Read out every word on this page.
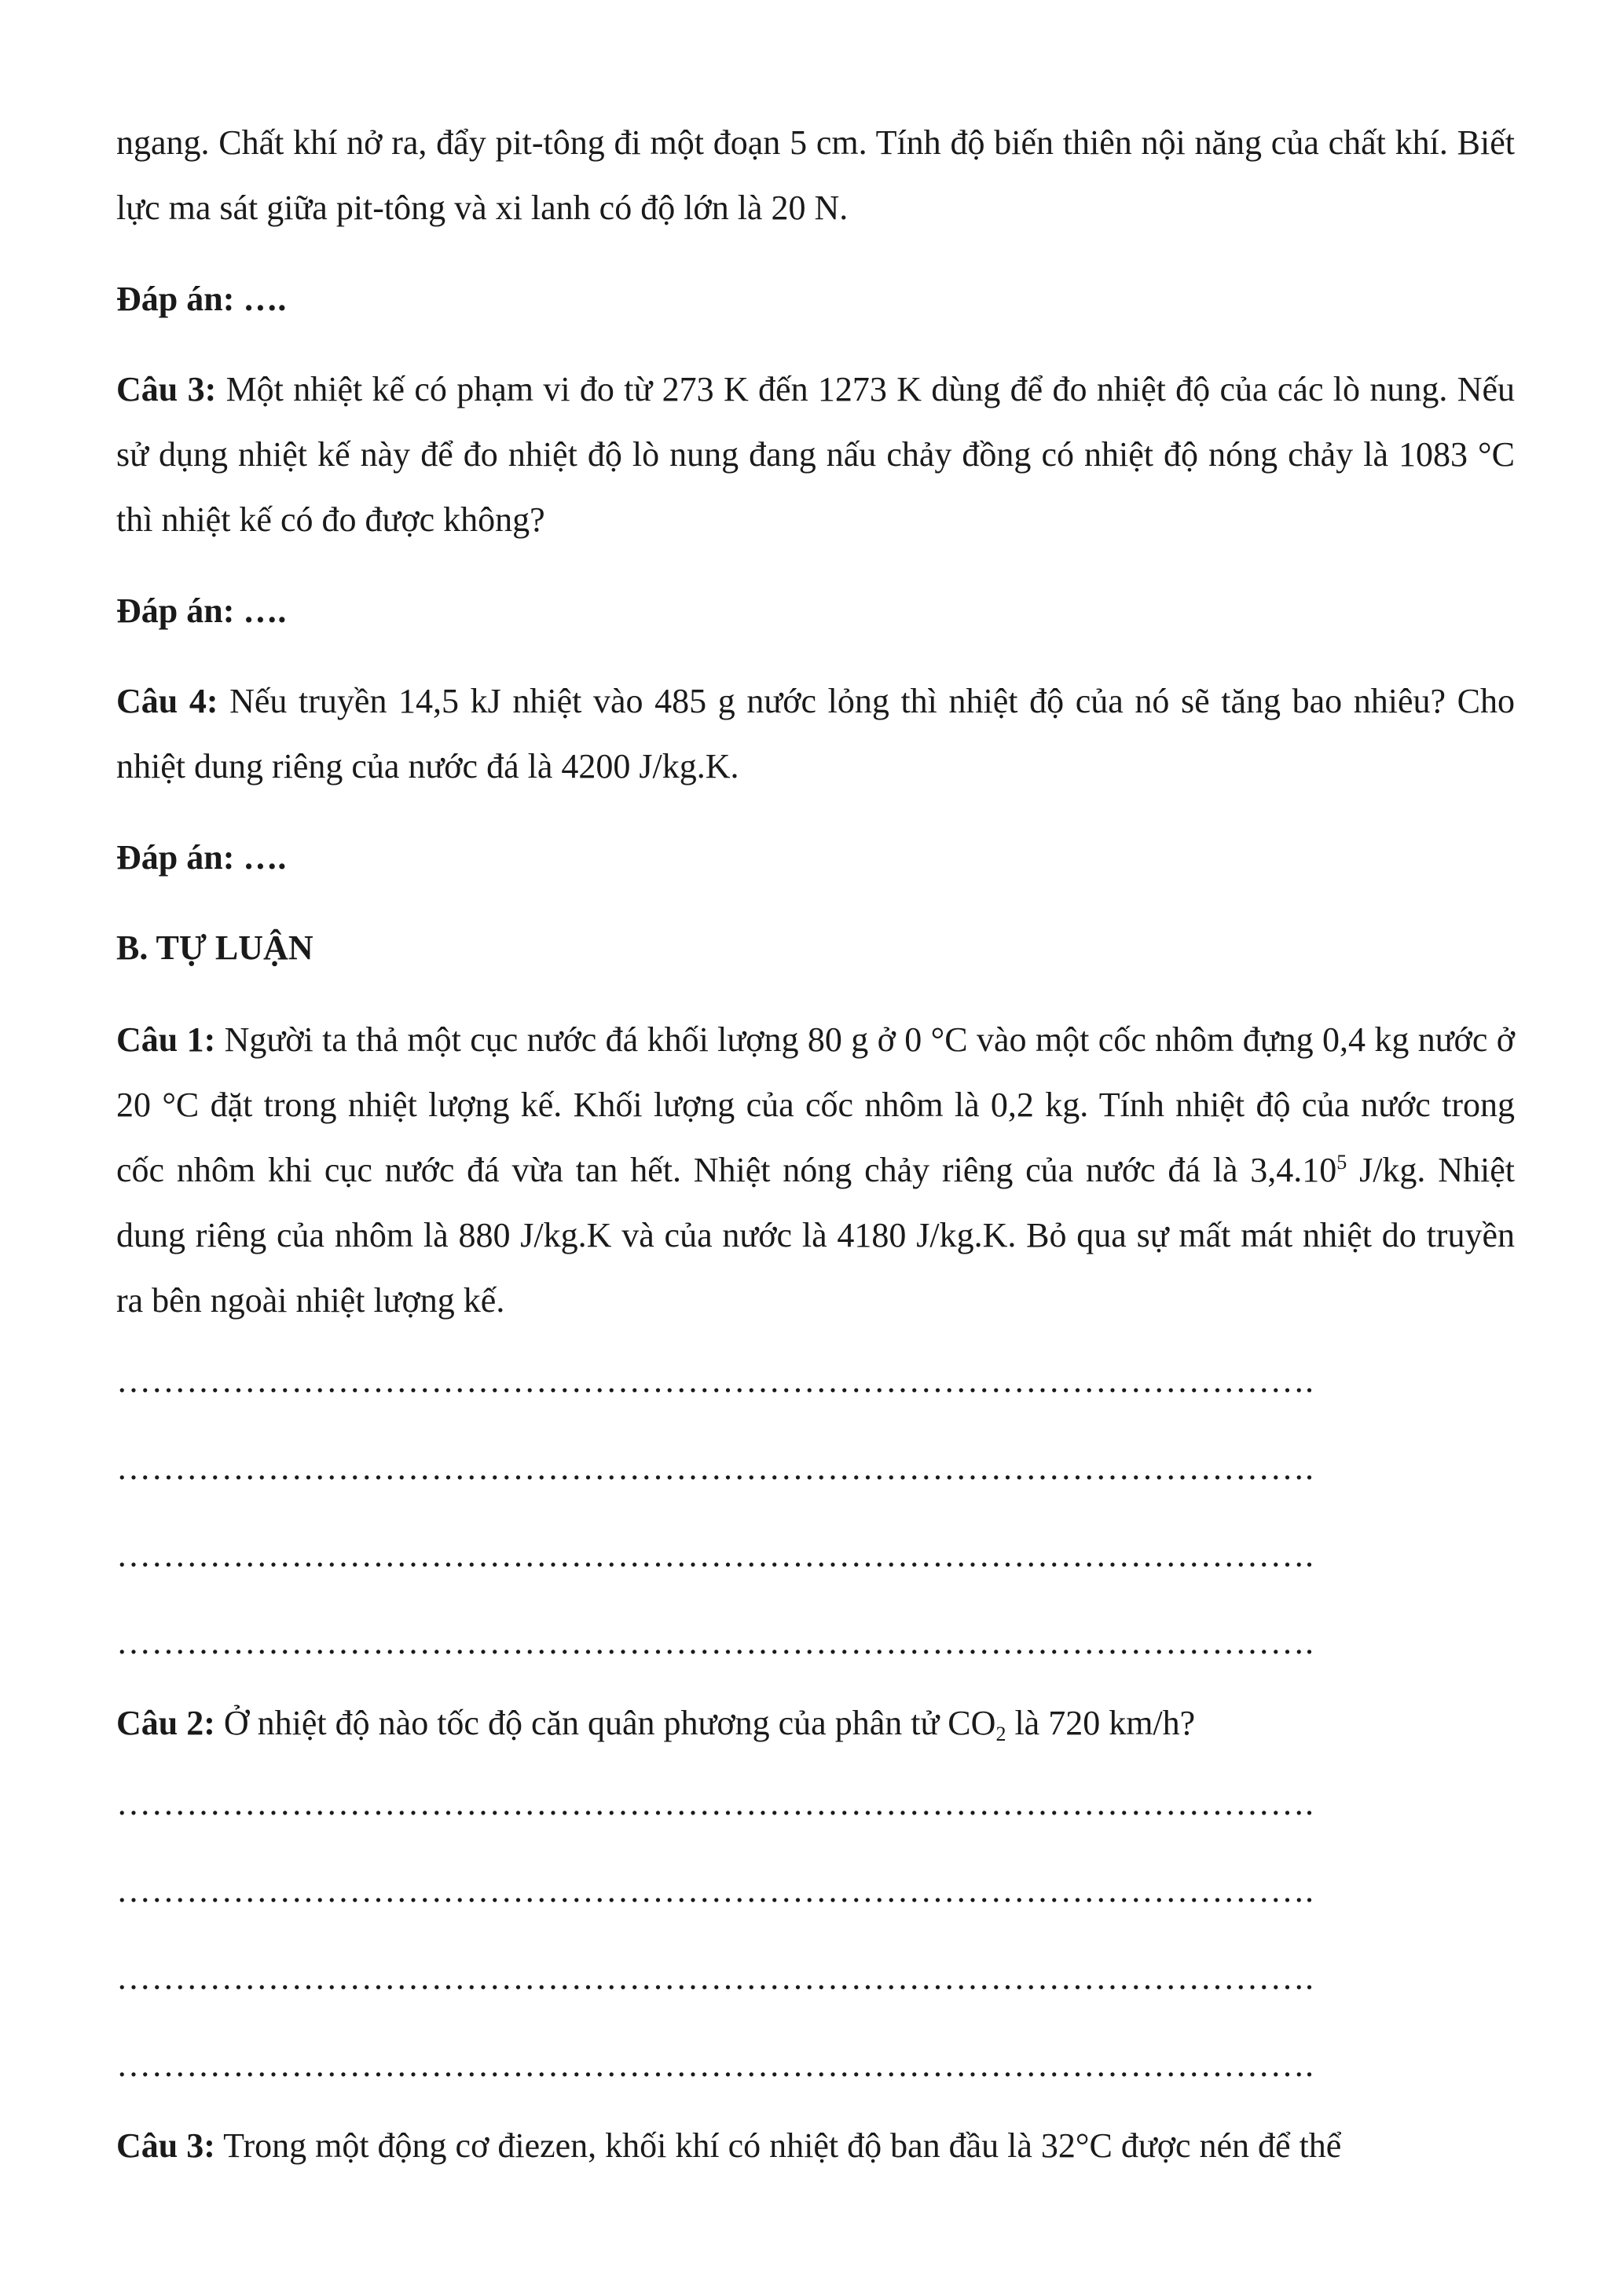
ngang. Chất khí nở ra, đẩy pit-tông đi một đoạn 5 cm. Tính độ biến thiên nội năng của chất khí. Biết lực ma sát giữa pit-tông và xi lanh có độ lớn là 20 N.

Đáp án: ….

Câu 3: Một nhiệt kế có phạm vi đo từ 273 K đến 1273 K dùng để đo nhiệt độ của các lò nung. Nếu sử dụng nhiệt kế này để đo nhiệt độ lò nung đang nấu chảy đồng có nhiệt độ nóng chảy là 1083 °C thì nhiệt kế có đo được không?

Đáp án: ….

Câu 4: Nếu truyền 14,5 kJ nhiệt vào 485 g nước lỏng thì nhiệt độ của nó sẽ tăng bao nhiêu? Cho nhiệt dung riêng của nước đá là 4200 J/kg.K.

Đáp án: ….

B. TỰ LUẬN

Câu 1: Người ta thả một cục nước đá khối lượng 80 g ở 0 °C vào một cốc nhôm đựng 0,4 kg nước ở 20 °C đặt trong nhiệt lượng kế. Khối lượng của cốc nhôm là 0,2 kg. Tính nhiệt độ của nước trong cốc nhôm khi cục nước đá vừa tan hết. Nhiệt nóng chảy riêng của nước đá là 3,4.10$^5$ J/kg. Nhiệt dung riêng của nhôm là 880 J/kg.K và của nước là 4180 J/kg.K. Bỏ qua sự mất mát nhiệt do truyền ra bên ngoài nhiệt lượng kế.

………………………………………………………………………………………….
………………………………………………………………………………………….
………………………………………………………………………………………….
………………………………………………………………………………………….

Câu 2: Ở nhiệt độ nào tốc độ căn quân phương của phân tử $CO_2$ là 720 km/h?

………………………………………………………………………………………….
………………………………………………………………………………………….
………………………………………………………………………………………….
………………………………………………………………………………………….

Câu 3: Trong một động cơ điezen, khối khí có nhiệt độ ban đầu là 32°C được nén để thể
